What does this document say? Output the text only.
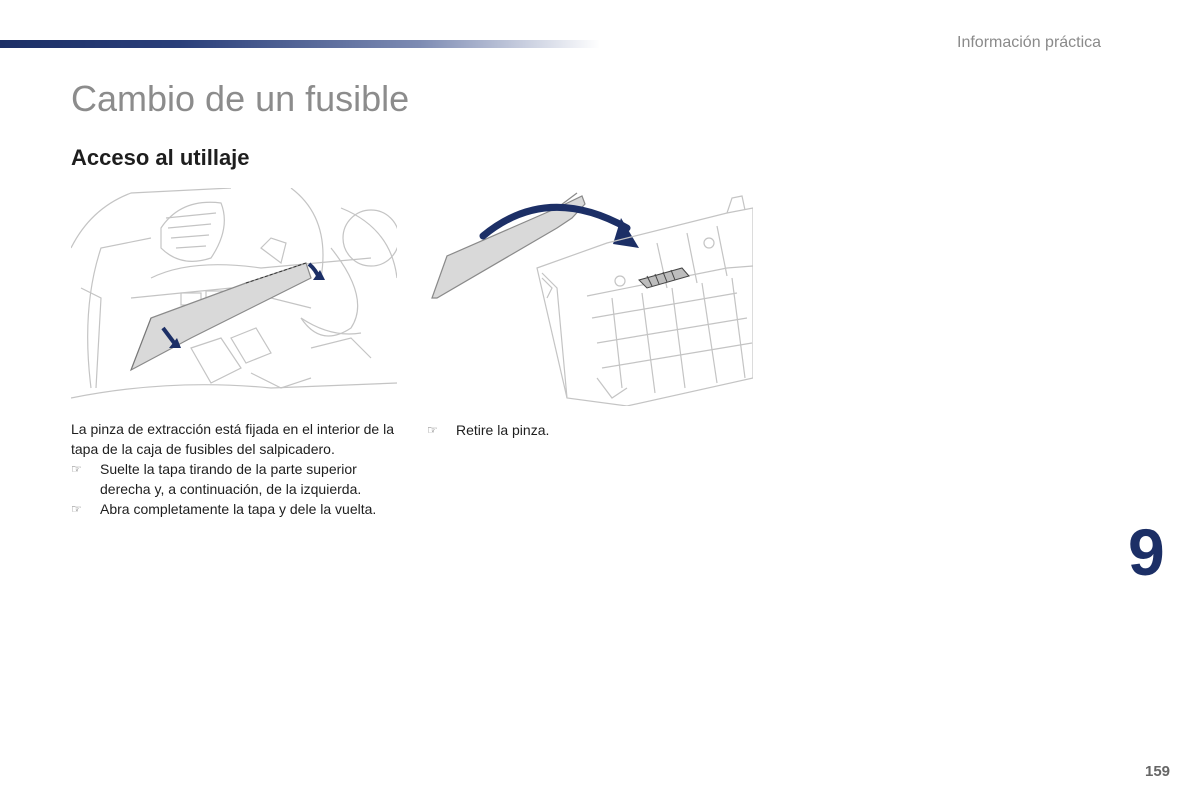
Información práctica
Cambio de un fusible
Acceso al utillaje
La pinza de extracción está fijada en el interior de la tapa de la caja de fusibles del salpicadero.
☞ Suelte la tapa tirando de la parte superior derecha y, a continuación, de la izquierda.
☞ Abra completamente la tapa y dele la vuelta.
☞ Retire la pinza.
9
159
